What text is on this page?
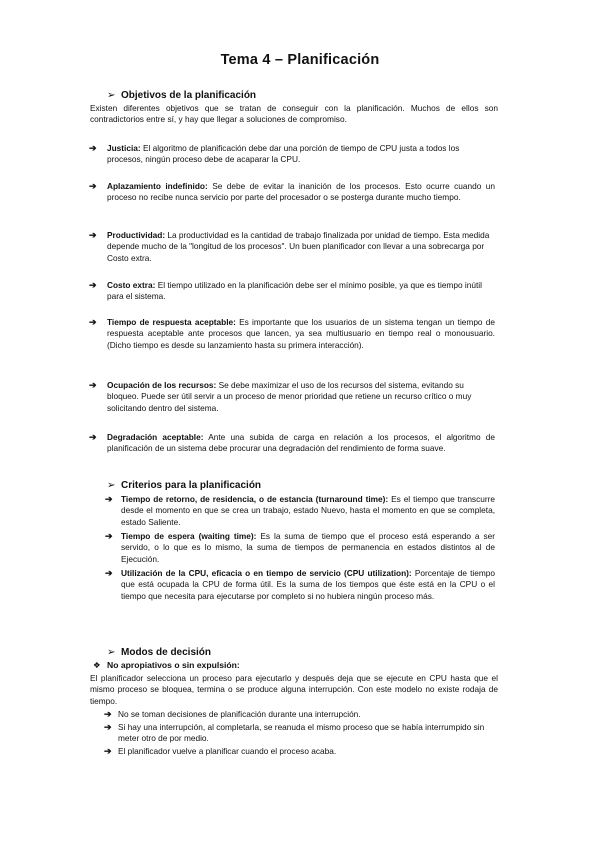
Tema 4 – Planificación
➢ Objetivos de la planificación
Existen diferentes objetivos que se tratan de conseguir con la planificación. Muchos de ellos son contradictorios entre sí, y hay que llegar a soluciones de compromiso.
➔ Justicia: El algoritmo de planificación debe dar una porción de tiempo de CPU justa a todos los procesos, ningún proceso debe de acaparar la CPU.
➔ Aplazamiento indefinido: Se debe de evitar la inanición de los procesos. Esto ocurre cuando un proceso no recibe nunca servicio por parte del procesador o se posterga durante mucho tiempo.
➔ Productividad: La productividad es la cantidad de trabajo finalizada por unidad de tiempo. Esta medida depende mucho de la "longitud de los procesos". Un buen planificador con llevar a una sobrecarga por Costo extra.
➔ Costo extra: El tiempo utilizado en la planificación debe ser el mínimo posible, ya que es tiempo inútil para el sistema.
➔ Tiempo de respuesta aceptable: Es importante que los usuarios de un sistema tengan un tiempo de respuesta aceptable ante procesos que lancen, ya sea multiusuario en tiempo real o monousuario. (Dicho tiempo es desde su lanzamiento hasta su primera interacción).
➔ Ocupación de los recursos: Se debe maximizar el uso de los recursos del sistema, evitando su bloqueo. Puede ser útil servir a un proceso de menor prioridad que retiene un recurso crítico o muy solicitando dentro del sistema.
➔ Degradación aceptable: Ante una subida de carga en relación a los procesos, el algoritmo de planificación de un sistema debe procurar una degradación del rendimiento de forma suave.
➢ Criterios para la planificación
➔ Tiempo de retorno, de residencia, o de estancia (turnaround time): Es el tiempo que transcurre desde el momento en que se crea un trabajo, estado Nuevo, hasta el momento en que se completa, estado Saliente.
➔ Tiempo de espera (waiting time): Es la suma de tiempo que el proceso está esperando a ser servido, o lo que es lo mismo, la suma de tiempos de permanencia en estados distintos al de Ejecución.
➔ Utilización de la CPU, eficacia o en tiempo de servicio (CPU utilization): Porcentaje de tiempo que está ocupada la CPU de forma útil. Es la suma de los tiempos que éste está en la CPU o el tiempo que necesita para ejecutarse por completo si no hubiera ningún proceso más.
➢ Modos de decisión
❖ No apropiativos o sin expulsión:
El planificador selecciona un proceso para ejecutarlo y después deja que se ejecute en CPU hasta que el mismo proceso se bloquea, termina o se produce alguna interrupción. Con este modelo no existe rodaja de tiempo.
➔ No se toman decisiones de planificación durante una interrupción.
➔ Si hay una interrupción, al completarla, se reanuda el mismo proceso que se había interrumpido sin meter otro de por medio.
➔ El planificador vuelve a planificar cuando el proceso acaba.
